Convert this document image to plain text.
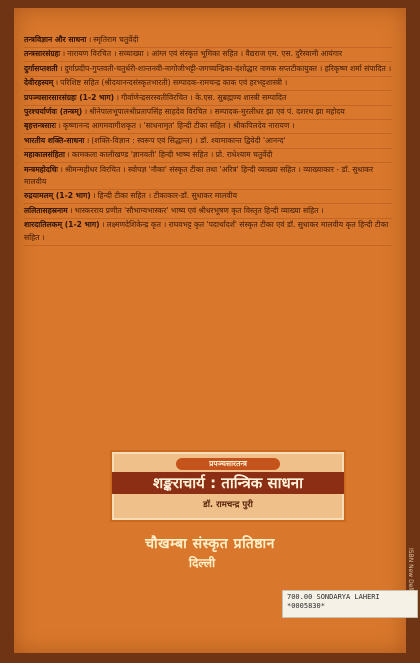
तन्त्रविज्ञान और साधना । स्मृतिराम चतुर्वेदी
तन्त्रसारसंग्रहः । नारायण विरचित । सव्याख्या । आंग्ल एवं संस्कृत भूमिका सहित । वैद्यराज एम. एस. दुरैस्वामी आयंगार
दुर्गासप्तशती । दुर्गाप्रदीप-गुप्तवती-चतुर्धरी-शान्तनवी-नागोजीभट्टी-जगच्चन्द्रिका-दंशोद्धार नामक सप्तटीकायुक्त । हरिकृष्ण शर्मा संपादित ।
देवीरहस्यम् । परिशिष्ट सहित (श्रीदयानन्दसंस्कृतभारती) सम्पादक-रामचन्द्र काक एवं हरभट्टशास्त्री ।
प्रपञ्चसारसारसंग्रहः (1-2 भाग) । गीर्वाणेन्द्रसरस्वतीविरचित । के.एस. सुब्रह्मण्य शास्त्री सम्पादित
पुरश्चर्यार्णवः (तन्त्रम्) । श्रीनेपालभूपालश्रीप्रतापसिंह साहदेव विरचित । सम्पादक-मुरलीधर झा एवं पं. दशरथ झा महोदय
बृहत्तन्त्रसारः । कृष्णानन्द आगमवागीशकृत । 'साधनामृत' हिन्दी टीका सहित । श्रीकपिलदेव नारायण ।
भारतीय शक्ति-साधना । (शक्ति-विज्ञान : स्वरूप एवं सिद्धान्त) । डॉ. श्यामाकान्त द्विवेदी 'आनन्द'
महाकालसंहिता । कामकला कालीखण्ड 'ज्ञानवती' हिन्दी भाष्य सहित । प्रो. राधेश्याम चतुर्वेदी
मन्त्रमहोदधिः । श्रीमन्महीधर विरचित । स्वोपज्ञ 'नौका' संस्कृत टीका तथा 'अरित्र' हिन्दी व्याख्या सहित । व्याख्याकार - डॉ. सुधाकर मालवीय
रुद्रयामलम् (1-2 भाग) । हिन्दी टीका सहित । टीकाकार-डॉ. सुधाकर मालवीय
ललितासहस्रनाम । भास्करराय प्रणीत 'सौभाग्यभास्कर' भाष्य एवं श्रीधरभूषण कृत विस्तृत हिन्दी व्याख्या सहित ।
शारदातिलकम् (1-2 भाग) । लक्ष्मणदेशिकेन्द्र कृत । राघवभट्ट कृत 'पदार्थादर्श' संस्कृत टीका एवं डॉ. सुधाकर मालवीय कृत हिन्दी टीका सहित ।
प्रपञ्चसारतन्त्र
शङ्कराचार्य : तान्त्रिक साधना
डॉ. रामचन्द्र पुरी
चौखम्बा संस्कृत प्रतिष्ठान
दिल्ली
700.00 SONDARYA LAHERI
*0005830*
ISBN New Delhi
